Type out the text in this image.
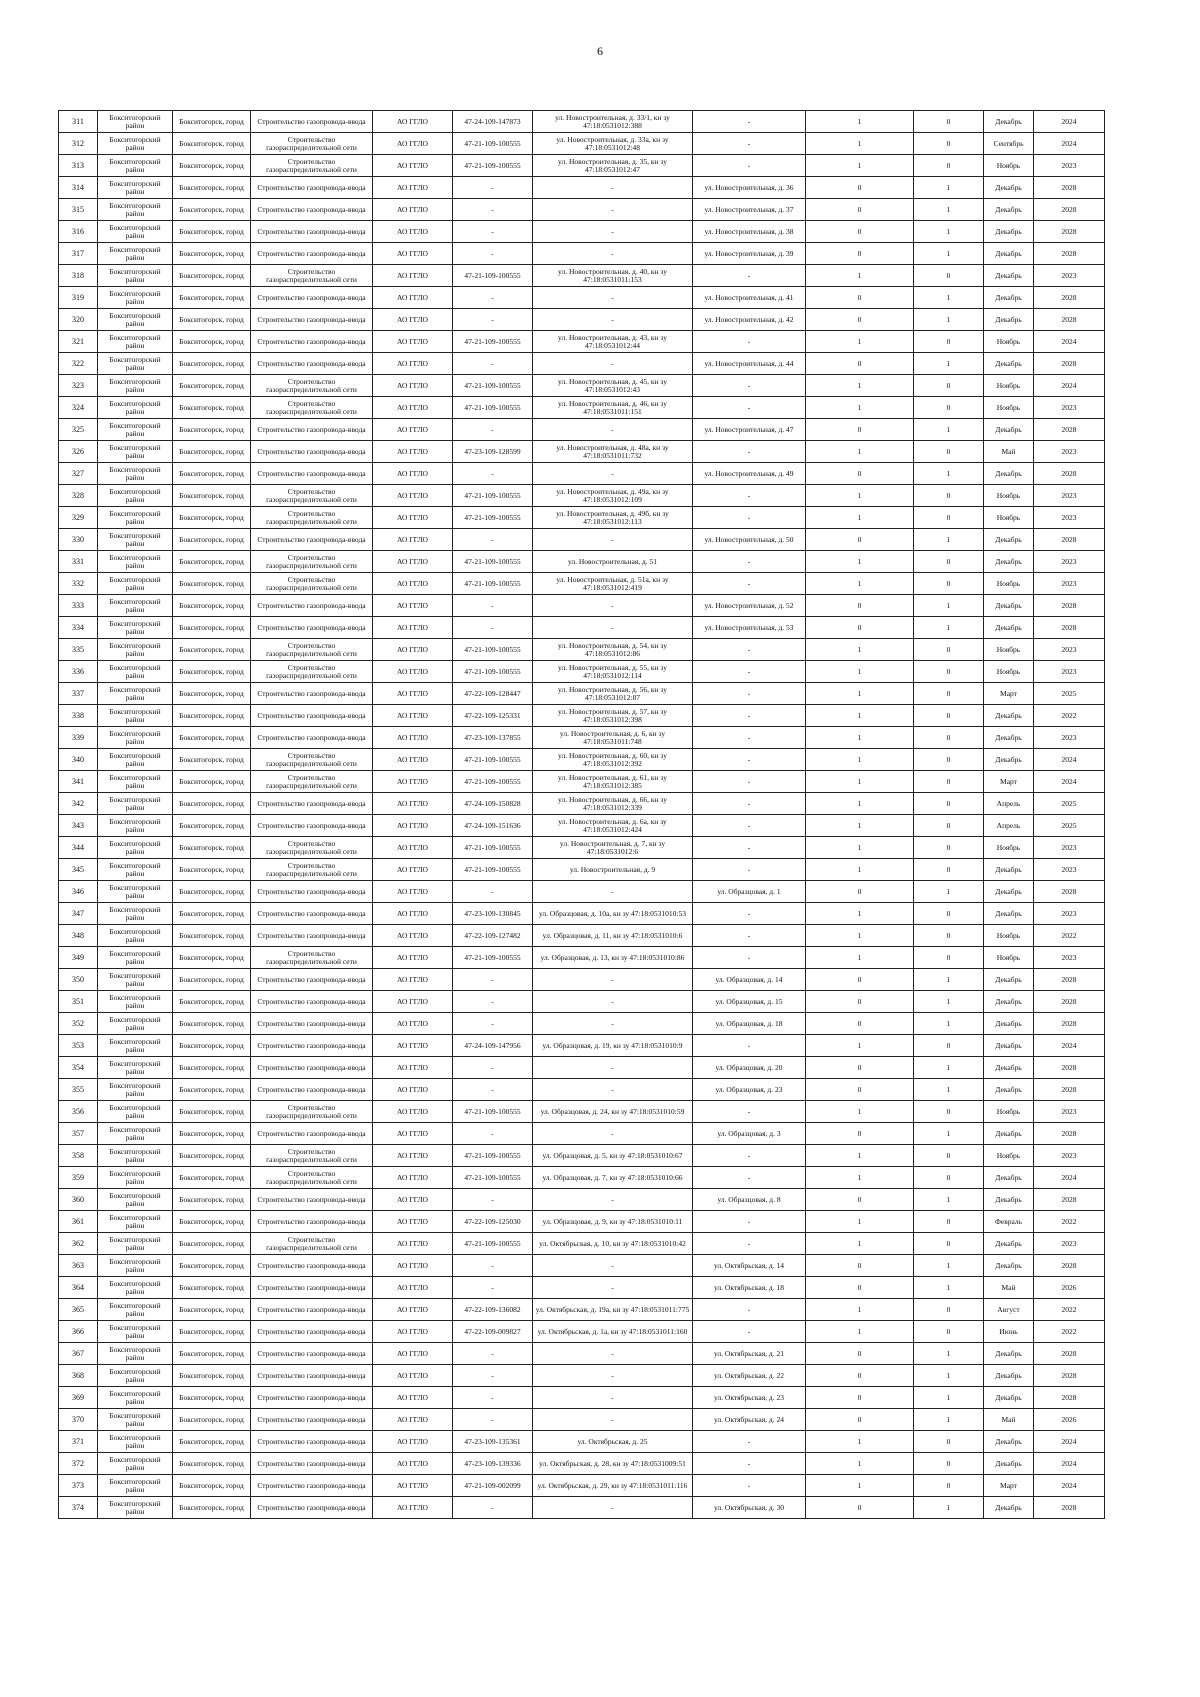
6
311	Бокситогорский район	Бокситогорск, город	Строительство газопровода-ввода	АО ГГЛО	47-24-109-147873	ул. Новостроительная, д. 33/1, кн зу 47:18:0531012:388	-	1	0	Декабрь	2024
312	Бокситогорский район	Бокситогорск, город	Строительство газораспределительной сети	АО ГГЛО	47-21-109-100555	ул. Новостроительная, д. 33а, кн зу 47:18:0531012:48	-	1	0	Сентябрь	2024
313	Бокситогорский район	Бокситогорск, город	Строительство газораспределительной сети	АО ГГЛО	47-21-109-100555	ул. Новостроительная, д. 35, кн зу 47:18:0531012:47	-	1	0	Ноябрь	2023
314	Бокситогорский район	Бокситогорск, город	Строительство газопровода-ввода	АО ГГЛО	-	-	ул. Новостроительная, д. 36	0	1	Декабрь	2028
315	Бокситогорский район	Бокситогорск, город	Строительство газопровода-ввода	АО ГГЛО	-	-	ул. Новостроительная, д. 37	0	1	Декабрь	2028
316	Бокситогорский район	Бокситогорск, город	Строительство газопровода-ввода	АО ГГЛО	-	-	ул. Новостроительная, д. 38	0	1	Декабрь	2028
317	Бокситогорский район	Бокситогорск, город	Строительство газопровода-ввода	АО ГГЛО	-	-	ул. Новостроительная, д. 39	0	1	Декабрь	2028
318	Бокситогорский район	Бокситогорск, город	Строительство газораспределительной сети	АО ГГЛО	47-21-109-100555	ул. Новостроительная, д. 40, кн зу 47:18:0531011:153	-	1	0	Декабрь	2023
319	Бокситогорский район	Бокситогорск, город	Строительство газопровода-ввода	АО ГГЛО	-	-	ул. Новостроительная, д. 41	0	1	Декабрь	2028
320	Бокситогорский район	Бокситогорск, город	Строительство газопровода-ввода	АО ГГЛО	-	-	ул. Новостроительная, д. 42	0	1	Декабрь	2028
321	Бокситогорский район	Бокситогорск, город	Строительство газопровода-ввода	АО ГГЛО	47-21-109-100555	ул. Новостроительная, д. 43, кн зу 47:18:0531012:44	-	1	0	Ноябрь	2024
322	Бокситогорский район	Бокситогорск, город	Строительство газопровода-ввода	АО ГГЛО	-	-	ул. Новостроительная, д. 44	0	1	Декабрь	2028
323	Бокситогорский район	Бокситогорск, город	Строительство газораспределительной сети	АО ГГЛО	47-21-109-100555	ул. Новостроительная, д. 45, кн зу 47:18:0531012:43	-	1	0	Ноябрь	2024
324	Бокситогорский район	Бокситогорск, город	Строительство газораспределительной сети	АО ГГЛО	47-21-109-100555	ул. Новостроительная, д. 46, кн зу 47:18:0531011:151	-	1	0	Ноябрь	2023
325	Бокситогорский район	Бокситогорск, город	Строительство газопровода-ввода	АО ГГЛО	-	-	ул. Новостроительная, д. 47	0	1	Декабрь	2028
326	Бокситогорский район	Бокситогорск, город	Строительство газопровода-ввода	АО ГГЛО	47-23-109-128599	ул. Новостроительная, д. 48а, кн зу 47:18:0531011:732	-	1	0	Май	2023
327	Бокситогорский район	Бокситогорск, город	Строительство газопровода-ввода	АО ГГЛО	-	-	ул. Новостроительная, д. 49	0	1	Декабрь	2028
328	Бокситогорский район	Бокситогорск, город	Строительство газораспределительной сети	АО ГГЛО	47-21-109-100555	ул. Новостроительная, д. 49а, кн зу 47:18:0531012:109	-	1	0	Ноябрь	2023
329	Бокситогорский район	Бокситогорск, город	Строительство газораспределительной сети	АО ГГЛО	47-21-109-100555	ул. Новостроительная, д. 49б, кн зу 47:18:0531012:113	-	1	0	Ноябрь	2023
330	Бокситогорский район	Бокситогорск, город	Строительство газопровода-ввода	АО ГГЛО	-	-	ул. Новостроительная, д. 50	0	1	Декабрь	2028
331	Бокситогорский район	Бокситогорск, город	Строительство газораспределительной сети	АО ГГЛО	47-21-109-100555	ул. Новостроительная, д. 51	-	1	0	Декабрь	2023
332	Бокситогорский район	Бокситогорск, город	Строительство газораспределительной сети	АО ГГЛО	47-21-109-100555	ул. Новостроительная, д. 51а, кн зу 47:18:0531012:419	-	1	0	Ноябрь	2023
333	Бокситогорский район	Бокситогорск, город	Строительство газопровода-ввода	АО ГГЛО	-	-	ул. Новостроительная, д. 52	0	1	Декабрь	2028
334	Бокситогорский район	Бокситогорск, город	Строительство газопровода-ввода	АО ГГЛО	-	-	ул. Новостроительная, д. 53	0	1	Декабрь	2028
335	Бокситогорский район	Бокситогорск, город	Строительство газораспределительной сети	АО ГГЛО	47-21-109-100555	ул. Новостроительная, д. 54, кн зу 47:18:0531012:86	-	1	0	Ноябрь	2023
336	Бокситогорский район	Бокситогорск, город	Строительство газораспределительной сети	АО ГГЛО	47-21-109-100555	ул. Новостроительная, д. 55, кн зу 47:18:0531012:114	-	1	0	Ноябрь	2023
337	Бокситогорский район	Бокситогорск, город	Строительство газопровода-ввода	АО ГГЛО	47-22-109-128447	ул. Новостроительная, д. 56, кн зу 47:18:0531012:87	-	1	0	Март	2025
338	Бокситогорский район	Бокситогорск, город	Строительство газопровода-ввода	АО ГГЛО	47-22-109-125331	ул. Новостроительная, д. 57, кн зу 47:18:0531012:398	-	1	0	Декабрь	2022
339	Бокситогорский район	Бокситогорск, город	Строительство газопровода-ввода	АО ГГЛО	47-23-109-137855	ул. Новостроительная, д. 6, кн зу 47:18:0531011:748	-	1	0	Декабрь	2023
340	Бокситогорский район	Бокситогорск, город	Строительство газораспределительной сети	АО ГГЛО	47-21-109-100555	ул. Новостроительная, д. 60, кн зу 47:18:0531012:392	-	1	0	Декабрь	2024
341	Бокситогорский район	Бокситогорск, город	Строительство газораспределительной сети	АО ГГЛО	47-21-109-100555	ул. Новостроительная, д. 61, кн зу 47:18:0531012:385	-	1	0	Март	2024
342	Бокситогорский район	Бокситогорск, город	Строительство газопровода-ввода	АО ГГЛО	47-24-109-150828	ул. Новостроительная, д. 66, кн зу 47:18:0531012:339	-	1	0	Апрель	2025
343	Бокситогорский район	Бокситогорск, город	Строительство газопровода-ввода	АО ГГЛО	47-24-109-151636	ул. Новостроительная, д. 6а, кн зу 47:18:0531012:424	-	1	0	Апрель	2025
344	Бокситогорский район	Бокситогорск, город	Строительство газораспределительной сети	АО ГГЛО	47-21-109-100555	ул. Новостроительная, д. 7, кн зу 47:18:0531012:6	-	1	0	Ноябрь	2023
345	Бокситогорский район	Бокситогорск, город	Строительство газораспределительной сети	АО ГГЛО	47-21-109-100555	ул. Новостроительная, д. 9	-	1	0	Декабрь	2023
346	Бокситогорский район	Бокситогорск, город	Строительство газопровода-ввода	АО ГГЛО	-	-	ул. Образцовая, д. 1	0	1	Декабрь	2028
347	Бокситогорский район	Бокситогорск, город	Строительство газопровода-ввода	АО ГГЛО	47-23-109-130845	ул. Образцовая, д. 10а, кн зу 47:18:0531010:53	-	1	0	Декабрь	2023
348	Бокситогорский район	Бокситогорск, город	Строительство газопровода-ввода	АО ГГЛО	47-22-109-127482	ул. Образцовая, д. 11, кн зу 47:18:0531010:6	-	1	0	Ноябрь	2022
349	Бокситогорский район	Бокситогорск, город	Строительство газораспределительной сети	АО ГГЛО	47-21-109-100555	ул. Образцовая, д. 13, кн зу 47:18:0531010:86	-	1	0	Ноябрь	2023
350	Бокситогорский район	Бокситогорск, город	Строительство газопровода-ввода	АО ГГЛО	-	-	ул. Образцовая, д. 14	0	1	Декабрь	2028
351	Бокситогорский район	Бокситогорск, город	Строительство газопровода-ввода	АО ГГЛО	-	-	ул. Образцовая, д. 15	0	1	Декабрь	2028
352	Бокситогорский район	Бокситогорск, город	Строительство газопровода-ввода	АО ГГЛО	-	-	ул. Образцовая, д. 18	0	1	Декабрь	2028
353	Бокситогорский район	Бокситогорск, город	Строительство газопровода-ввода	АО ГГЛО	47-24-109-147956	ул. Образцовая, д. 19, кн зу 47:18:0531010:9	-	1	0	Декабрь	2024
354	Бокситогорский район	Бокситогорск, город	Строительство газопровода-ввода	АО ГГЛО	-	-	ул. Образцовая, д. 20	0	1	Декабрь	2028
355	Бокситогорский район	Бокситогорск, город	Строительство газопровода-ввода	АО ГГЛО	-	-	ул. Образцовая, д. 23	0	1	Декабрь	2028
356	Бокситогорский район	Бокситогорск, город	Строительство газораспределительной сети	АО ГГЛО	47-21-109-100555	ул. Образцовая, д. 24, кн зу 47:18:0531010:59	-	1	0	Ноябрь	2023
357	Бокситогорский район	Бокситогорск, город	Строительство газопровода-ввода	АО ГГЛО	-	-	ул. Образцовая, д. 3	0	1	Декабрь	2028
358	Бокситогорский район	Бокситогорск, город	Строительство газораспределительной сети	АО ГГЛО	47-21-109-100555	ул. Образцовая, д. 5, кн зу 47:18:0531010:67	-	1	0	Ноябрь	2023
359	Бокситогорский район	Бокситогорск, город	Строительство газораспределительной сети	АО ГГЛО	47-21-109-100555	ул. Образцовая, д. 7, кн зу 47:18:0531010:66	-	1	0	Декабрь	2024
360	Бокситогорский район	Бокситогорск, город	Строительство газопровода-ввода	АО ГГЛО	-	-	ул. Образцовая, д. 8	0	1	Декабрь	2028
361	Бокситогорский район	Бокситогорск, город	Строительство газопровода-ввода	АО ГГЛО	47-22-109-125030	ул. Образцовая, д. 9, кн зу 47:18:0531010:11	-	1	0	Февраль	2022
362	Бокситогорский район	Бокситогорск, город	Строительство газораспределительной сети	АО ГГЛО	47-21-109-100555	ул. Октябрьская, д. 10, кн зу 47:18:0531010:42	-	1	0	Декабрь	2023
363	Бокситогорский район	Бокситогорск, город	Строительство газопровода-ввода	АО ГГЛО	-	-	ул. Октябрьская, д. 14	0	1	Декабрь	2028
364	Бокситогорский район	Бокситогорск, город	Строительство газопровода-ввода	АО ГГЛО	-	-	ул. Октябрьская, д. 18	0	1	Май	2026
365	Бокситогорский район	Бокситогорск, город	Строительство газопровода-ввода	АО ГГЛО	47-22-109-136082	ул. Октябрьская, д. 19а, кн зу 47:18:0531011:775	-	1	0	Август	2022
366	Бокситогорский район	Бокситогорск, город	Строительство газопровода-ввода	АО ГГЛО	47-22-109-009827	ул. Октябрьская, д. 1а, кн зу 47:18:0531011:160	-	1	0	Июнь	2022
367	Бокситогорский район	Бокситогорск, город	Строительство газопровода-ввода	АО ГГЛО	-	-	ул. Октябрьская, д. 21	0	1	Декабрь	2028
368	Бокситогорский район	Бокситогорск, город	Строительство газопровода-ввода	АО ГГЛО	-	-	ул. Октябрьская, д. 22	0	1	Декабрь	2028
369	Бокситогорский район	Бокситогорск, город	Строительство газопровода-ввода	АО ГГЛО	-	-	ул. Октябрьская, д. 23	0	1	Декабрь	2028
370	Бокситогорский район	Бокситогорск, город	Строительство газопровода-ввода	АО ГГЛО	-	-	ул. Октябрьская, д. 24	0	1	Май	2026
371	Бокситогорский район	Бокситогорск, город	Строительство газопровода-ввода	АО ГГЛО	47-23-109-135361	ул. Октябрьская, д. 25	-	1	0	Декабрь	2024
372	Бокситогорский район	Бокситогорск, город	Строительство газопровода-ввода	АО ГГЛО	47-23-109-139336	ул. Октябрьская, д. 28, кн зу 47:18:0531009:51	-	1	0	Декабрь	2024
373	Бокситогорский район	Бокситогорск, город	Строительство газопровода-ввода	АО ГГЛО	47-21-109-002099	ул. Октябрьская, д. 29, кн зу 47:18:0531011:116	-	1	0	Март	2024
374	Бокситогорский район	Бокситогорск, город	Строительство газопровода-ввода	АО ГГЛО	-	-	ул. Октябрьская, д. 30	0	1	Декабрь	2028
